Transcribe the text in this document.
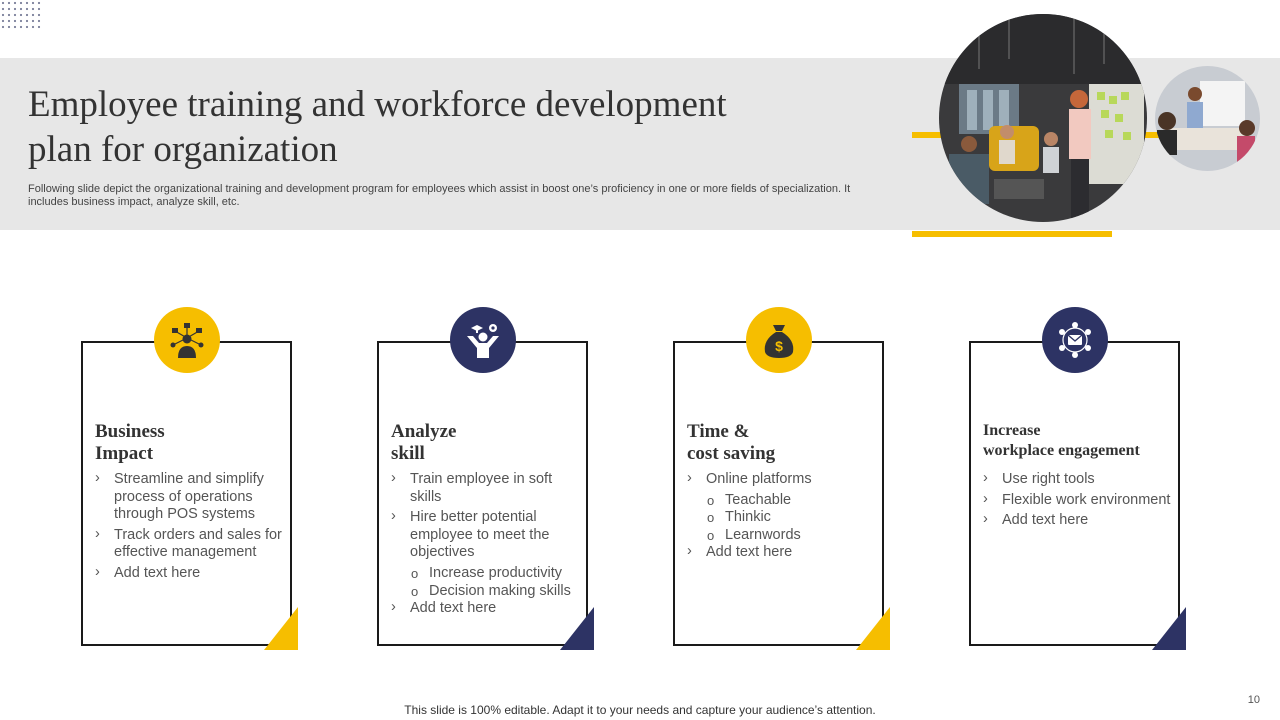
Employee training and workforce development plan for organization

Following slide depict the organizational training and development program for employees which assist in boost one’s proficiency in one or more fields of specialization. It includes business impact, analyze skill, etc.

Business
Impact
› Streamline and simplify process of operations through POS systems
› Track orders and sales for effective management
› Add text here
Analyze
skill
› Train employee in soft skills
› Hire better potential employee to meet the objectives
o Increase productivity
o Decision making skills
› Add text here
Time &
cost saving
› Online platforms
o Teachable
o Thinkic
o Learnwords
› Add text here
$
Increase
workplace engagement
› Use right tools
› Flexible work environment
› Add text here

This slide is 100% editable. Adapt it to your needs and capture your audience’s attention.

10
